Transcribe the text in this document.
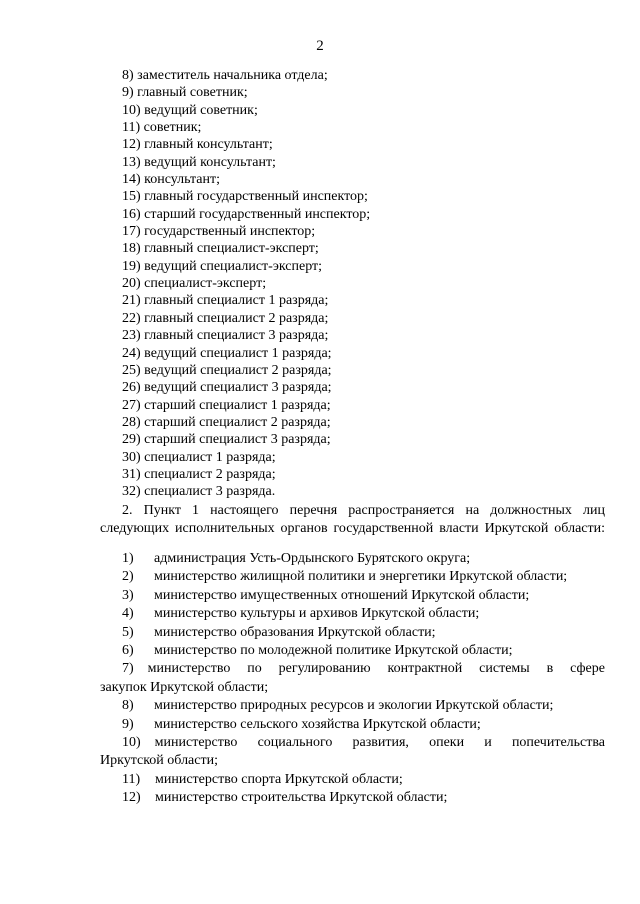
2
8) заместитель начальника отдела;
9) главный советник;
10) ведущий советник;
11) советник;
12) главный консультант;
13) ведущий консультант;
14) консультант;
15) главный государственный инспектор;
16) старший государственный инспектор;
17) государственный инспектор;
18) главный специалист-эксперт;
19) ведущий специалист-эксперт;
20) специалист-эксперт;
21) главный специалист 1 разряда;
22) главный специалист 2 разряда;
23) главный специалист 3 разряда;
24) ведущий специалист 1 разряда;
25) ведущий специалист 2 разряда;
26) ведущий специалист 3 разряда;
27) старший специалист 1 разряда;
28) старший специалист 2 разряда;
29) старший специалист 3 разряда;
30) специалист 1 разряда;
31) специалист 2 разряда;
32) специалист 3 разряда.
2. Пункт 1 настоящего перечня распространяется на должностных лиц следующих исполнительных органов государственной власти Иркутской области:
1)	администрация Усть-Ордынского Бурятского округа;
2)	министерство жилищной политики и энергетики Иркутской области;
3)	министерство имущественных отношений Иркутской области;
4)	министерство культуры и архивов Иркутской области;
5)	министерство образования Иркутской области;
6)	министерство по молодежной политике Иркутской области;
7) министерство по регулированию контрактной системы в сфере
закупок Иркутской области;
8)	министерство природных ресурсов и экологии Иркутской области;
9)	министерство сельского хозяйства Иркутской области;
10) министерство социального развития, опеки и попечительства
Иркутской области;
11)	министерство спорта Иркутской области;
12)	министерство строительства Иркутской области;
